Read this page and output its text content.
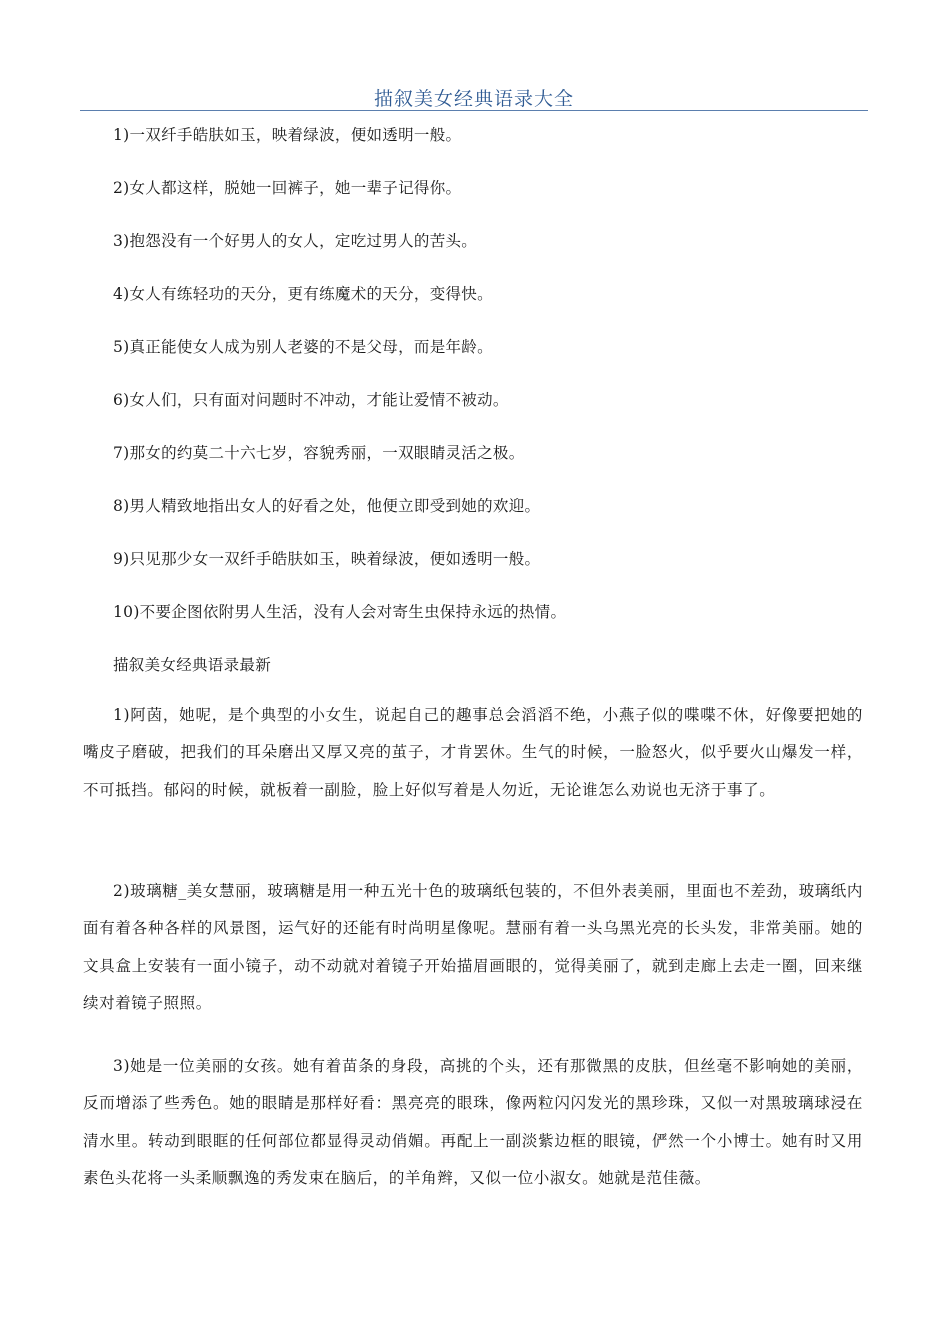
描叙美女经典语录大全
1)一双纤手皓肤如玉，映着绿波，便如透明一般。
2)女人都这样，脱她一回裤子，她一辈子记得你。
3)抱怨没有一个好男人的女人，定吃过男人的苦头。
4)女人有练轻功的天分，更有练魔术的天分，变得快。
5)真正能使女人成为别人老婆的不是父母，而是年龄。
6)女人们，只有面对问题时不冲动，才能让爱情不被动。
7)那女的约莫二十六七岁，容貌秀丽，一双眼睛灵活之极。
8)男人精致地指出女人的好看之处，他便立即受到她的欢迎。
9)只见那少女一双纤手皓肤如玉，映着绿波，便如透明一般。
10)不要企图依附男人生活，没有人会对寄生虫保持永远的热情。
描叙美女经典语录最新
1)阿茵，她呢，是个典型的小女生，说起自己的趣事总会滔滔不绝，小燕子似的喋喋不休，好像要把她的嘴皮子磨破，把我们的耳朵磨出又厚又亮的茧子，才肯罢休。生气的时候，一脸怒火，似乎要火山爆发一样，不可抵挡。郁闷的时候，就板着一副脸，脸上好似写着是人勿近，无论谁怎么劝说也无济于事了。
2)玻璃糖_美女慧丽，玻璃糖是用一种五光十色的玻璃纸包装的，不但外表美丽，里面也不差劲，玻璃纸内面有着各种各样的风景图，运气好的还能有时尚明星像呢。慧丽有着一头乌黑光亮的长头发，非常美丽。她的文具盒上安装有一面小镜子，动不动就对着镜子开始描眉画眼的，觉得美丽了，就到走廊上去走一圈，回来继续对着镜子照照。
3)她是一位美丽的女孩。她有着苗条的身段，高挑的个头，还有那微黑的皮肤，但丝毫不影响她的美丽，反而增添了些秀色。她的眼睛是那样好看：黑亮亮的眼珠，像两粒闪闪发光的黑珍珠，又似一对黑玻璃球浸在清水里。转动到眼眶的任何部位都显得灵动俏媚。再配上一副淡紫边框的眼镜，俨然一个小博士。她有时又用素色头花将一头柔顺飘逸的秀发束在脑后，的羊角辫，又似一位小淑女。她就是范佳薇。
